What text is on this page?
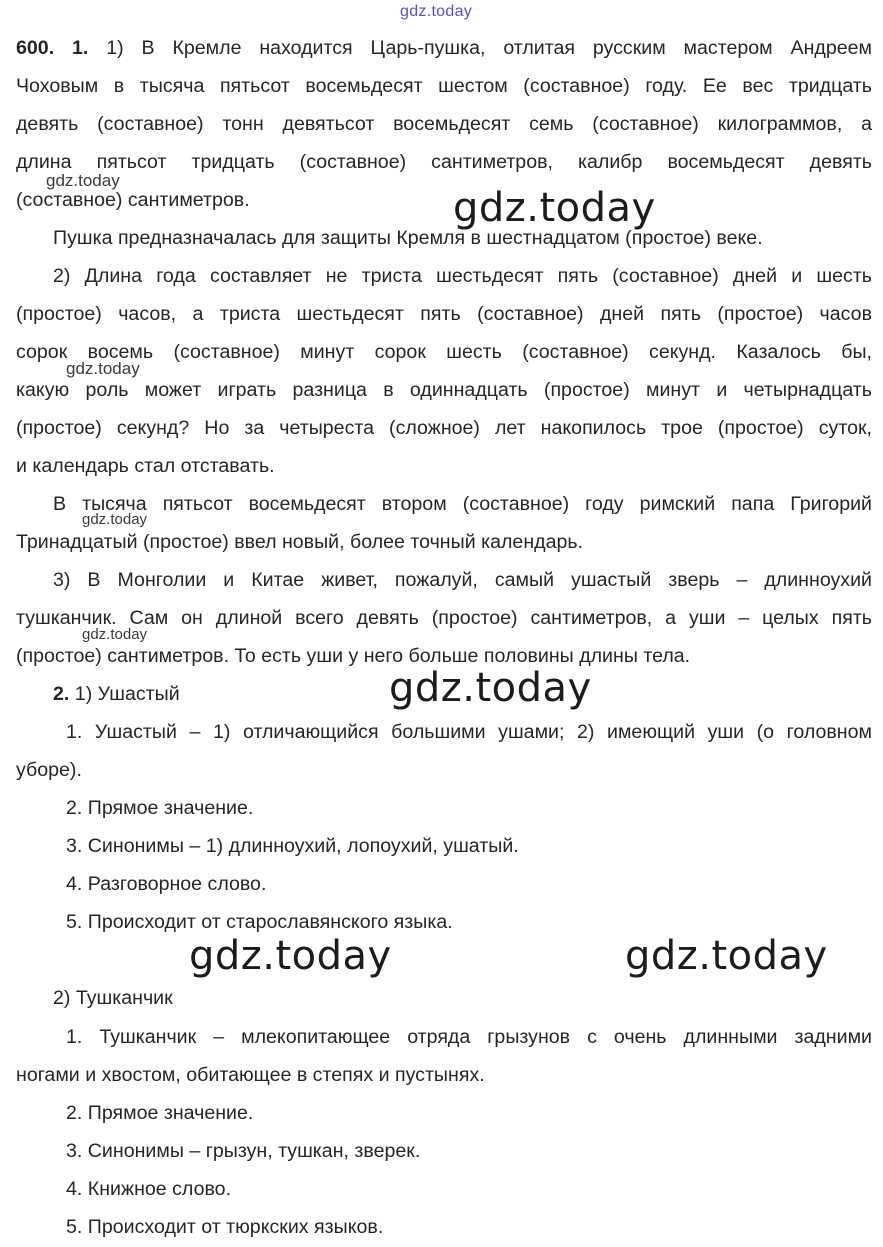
gdz.today
600. 1. 1) В Кремле находится Царь-пушка, отлитая русским мастером Андреем
Чоховым в тысяча пятьсот восемьдесят шестом (составное) году. Ее вес тридцать
девять (составное) тонн девятьсот восемьдесят семь (составное) килограммов, а
длина пятьсот тридцать (составное) сантиметров, калибр восемьдесят девять
(составное) сантиметров.
Пушка предназначалась для защиты Кремля в шестнадцатом (простое) веке.
2) Длина года составляет не триста шестьдесят пять (составное) дней и шесть
(простое) часов, а триста шестьдесят пять (составное) дней пять (простое) часов
сорок восемь (составное) минут сорок шесть (составное) секунд. Казалось бы,
какую роль может играть разница в одиннадцать (простое) минут и четырнадцать
(простое) секунд? Но за четыреста (сложное) лет накопилось трое (простое) суток,
и календарь стал отставать.
В тысяча пятьсот восемьдесят втором (составное) году римский папа Григорий
Тринадцатый (простое) ввел новый, более точный календарь.
3) В Монголии и Китае живет, пожалуй, самый ушастый зверь – длинноухий
тушканчик. Сам он длиной всего девять (простое) сантиметров, а уши – целых пять
(простое) сантиметров. То есть уши у него больше половины длины тела.
2. 1) Ушастый
1. Ушастый – 1) отличающийся большими ушами; 2) имеющий уши (о головном
уборе).
2. Прямое значение.
3. Синонимы – 1) длинноухий, лопоухий, ушатый.
4. Разговорное слово.
5. Происходит от старославянского языка.
2) Тушканчик
1. Тушканчик – млекопитающее отряда грызунов с очень длинными задними
ногами и хвостом, обитающее в степях и пустынях.
2. Прямое значение.
3. Синонимы – грызун, тушкан, зверек.
4. Книжное слово.
5. Происходит от тюркских языков.
gdz.today
gdz.today
gdz.today
gdz.today
gdz.today
gdz.today
gdz.today	gdz.today
